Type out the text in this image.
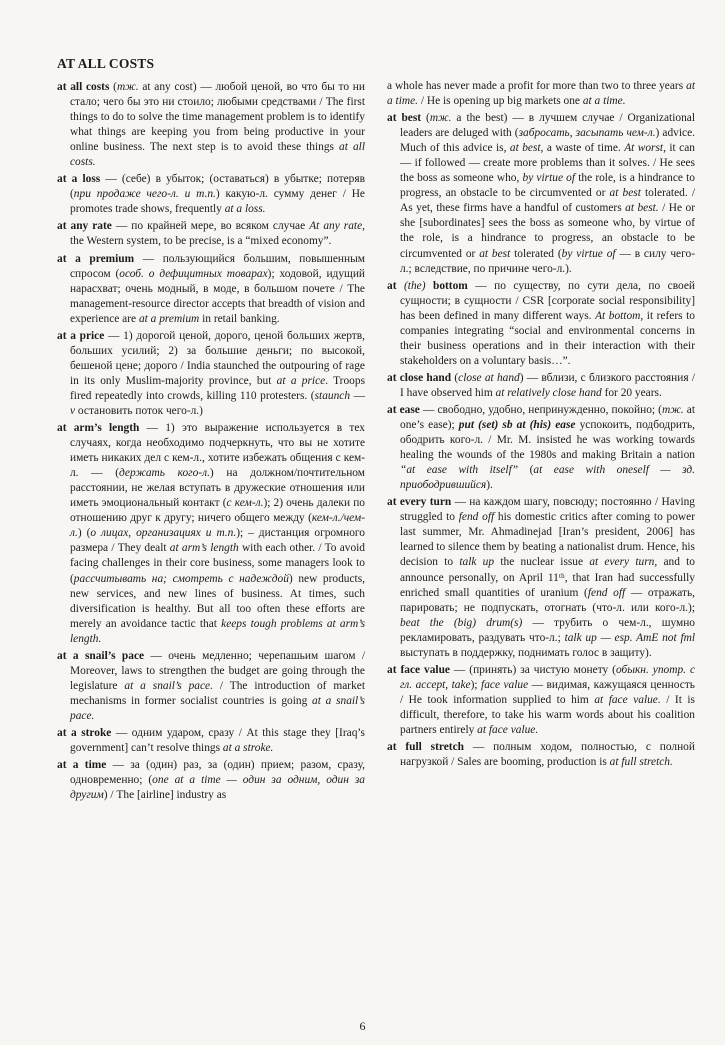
AT ALL COSTS

at all costs (тж. at any cost) — любой ценой, во что бы то ни стало; чего бы это ни стоило; любыми средствами / The first things to do to solve the time management problem is to identify what things are keeping you from being productive in your online business. The next step is to avoid these things at all costs.

at a loss — (себе) в убыток; (оставаться) в убытке; потеряв (при продаже чего-л. и т.п.) какую-л. сумму денег / He promotes trade shows, frequently at a loss.

at any rate — по крайней мере, во всяком случае At any rate, the Western system, to be precise, is a “mixed economy”.

at a premium — пользующийся большим, повышенным спросом (особ. о дефицитных товарах); ходовой, идущий нарасхват; очень модный, в моде, в большом почете / The management-resource director accepts that breadth of vision and experience are at a premium in retail banking.

at a price — 1) дорогой ценой, дорого, ценой больших жертв, больших усилий; 2) за большие деньги; по высокой, бешеной цене; дорого / India staunched the outpouring of rage in its only Muslim-majority province, but at a price. Troops fired repeatedly into crowds, killing 110 protesters. (staunch — v остановить поток чего-л.)

at arm’s length — 1) это выражение используется в тех случаях, когда необходимо подчеркнуть, что вы не хотите иметь никаких дел с кем-л., хотите избежать общения с кем-л. — (держать кого-л.) на должном/почтительном расстоянии, не желая вступать в дружеские отношения или иметь эмоциональный контакт (с кем-л.); 2) очень далеки по отношению друг к другу; ничего общего между (кем-л./чем-л.) (о лицах, организациях и т.п.); – дистанция огромного размера / They dealt at arm’s length with each other. / To avoid facing challenges in their core business, some managers look to (рассчитывать на; смотреть с надеждой) new products, new services, and new lines of business. At times, such diversification is healthy. But all too often these efforts are merely an avoidance tactic that keeps tough problems at arm’s length.

at a snail’s pace — очень медленно; черепашьим шагом / Moreover, laws to strengthen the budget are going through the legislature at a snail’s pace. / The introduction of market mechanisms in former socialist countries is going at a snail’s pace.

at a stroke — одним ударом, сразу / At this stage they [Iraq’s government] can’t resolve things at a stroke.

at a time — за (один) раз, за (один) прием; разом, сразу, одновременно; (one at a time — один за одним, один за другим) / The [airline] industry as

a whole has never made a profit for more than two to three years at a time. / He is opening up big markets one at a time.

at best (тж. a the best) — в лучшем случае / Organizational leaders are deluged with (забросать, засыпать чем-л.) advice. Much of this advice is, at best, a waste of time. At worst, it can — if followed — create more problems than it solves. / He sees the boss as someone who, by virtue of the role, is a hindrance to progress, an obstacle to be circumvented or at best tolerated. / As yet, these firms have a handful of customers at best. / He or she [subordinates] sees the boss as someone who, by virtue of the role, is a hindrance to progress, an obstacle to be circumvented or at best tolerated (by virtue of — в силу чего-л.; вследствие, по причине чего-л.).

at (the) bottom — по существу, по сути дела, по своей сущности; в сущности / CSR [corporate social responsibility] has been defined in many different ways. At bottom, it refers to companies integrating “social and environmental concerns in their business operations and in their interaction with their stakeholders on a voluntary basis…”.

at close hand (close at hand) — вблизи, с близкого расстояния / I have observed him at relatively close hand for 20 years.

at ease — свободно, удобно, непринужденно, покойно; (тж. at one’s ease); put (set) sb at (his) ease успокоить, подбодрить, ободрить кого-л. / Mr. M. insisted he was working towards healing the wounds of the 1980s and making Britain a nation “at ease with itself” (at ease with oneself — зд. приободрившийся).

at every turn — на каждом шагу, повсюду; постоянно / Having struggled to fend off his domestic critics after coming to power last summer, Mr. Ahmadinejad [Iran’s president, 2006] has learned to silence them by beating a nationalist drum. Hence, his decision to talk up the nuclear issue at every turn, and to announce personally, on April 11ᵗʰ, that Iran had successfully enriched small quantities of uranium (fend off — отражать, парировать; не подпускать, отогнать (что-л. или кого-л.); beat the (big) drum(s) — трубить о чем-л., шумно рекламировать, раздувать что-л.; talk up — esp. AmE not fml выступать в поддержку, поднимать голос в защиту).

at face value — (принять) за чистую монету (обыкн. употр. с гл. accept, take); face value — видимая, кажущаяся ценность / He took information supplied to him at face value. / It is difficult, therefore, to take his warm words about his coalition partners entirely at face value.

at full stretch — полным ходом, полностью, с полной нагрузкой / Sales are booming, production is at full stretch.

6
